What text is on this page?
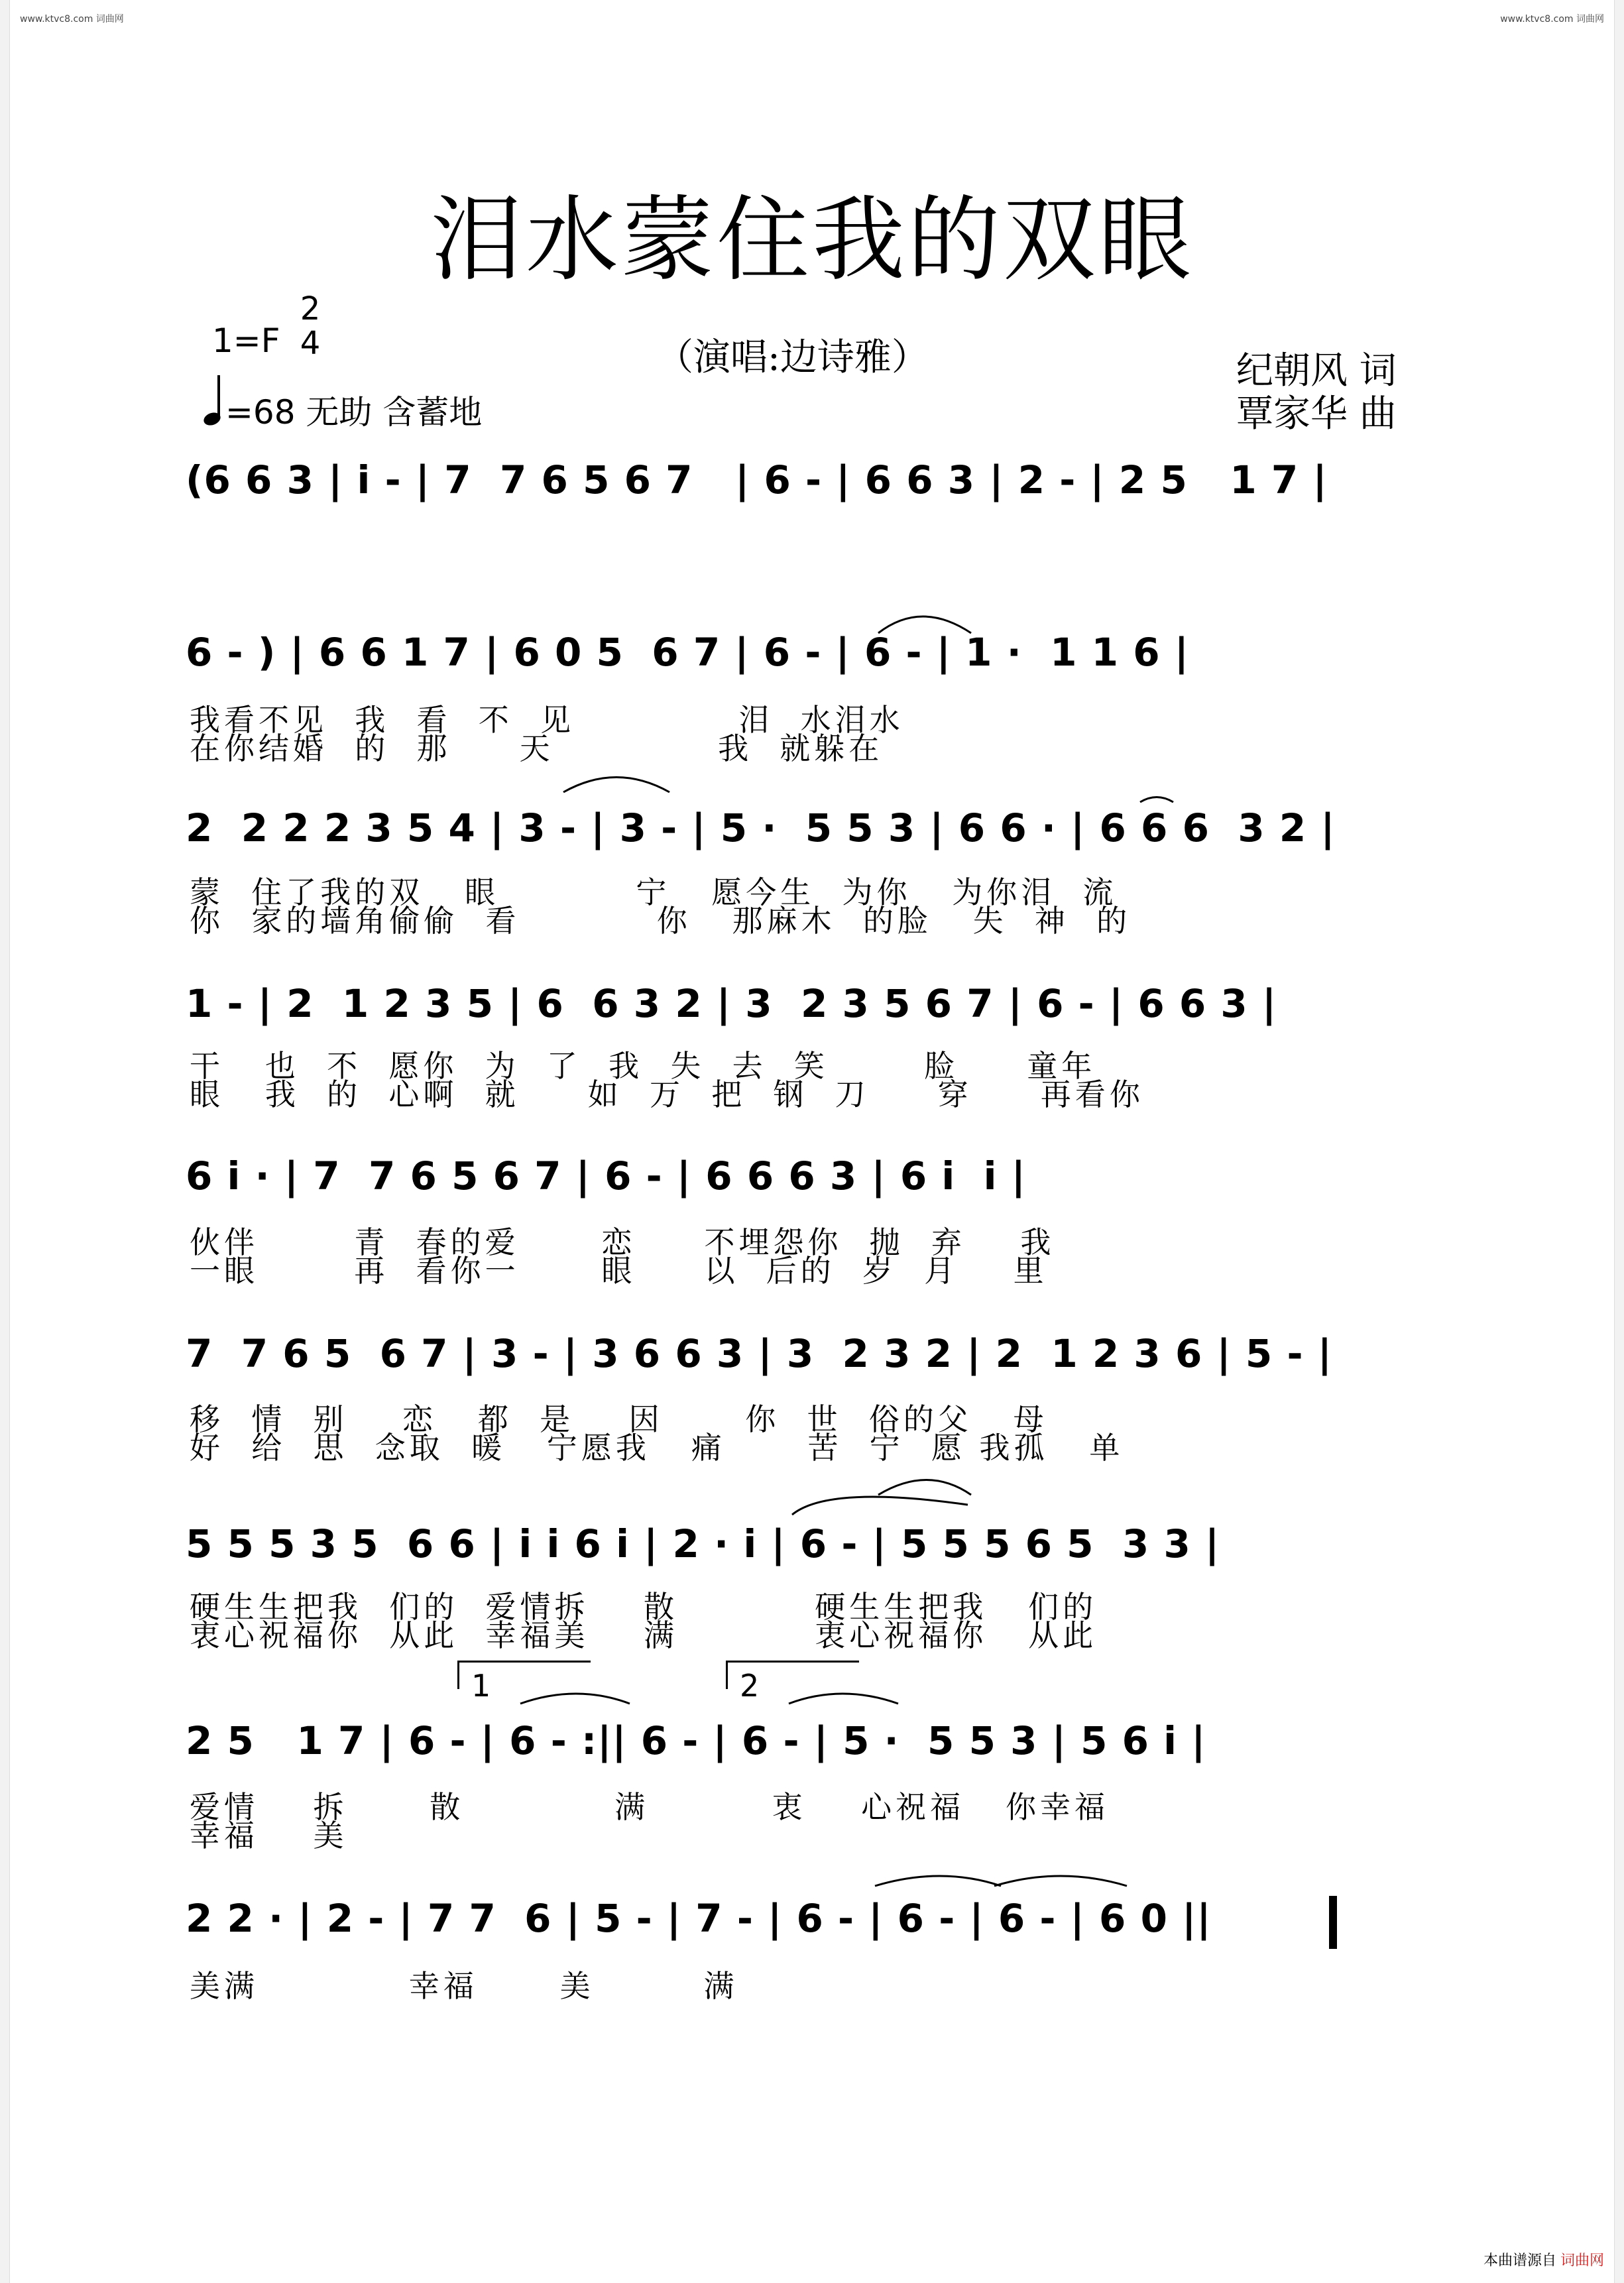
www.ktvc8.com 词曲网	www.ktvc8.com 词曲网
泪水蒙住我的双眼
1=F
2
4	（演唱:边诗雅）
=68 无助 含蓄地
纪朝风 词
覃家华 曲
(6 6 3 | i - | 7  7 6 5 6 7   | 6 - | 6 6 3 | 2 - | 2 5   1 7 |
6 - ) | 6 6 1 7 | 6 0 5  6 7 | 6 - | 6 - | 1 ·  1 1 6 |
我看不见  我  看  不  见            泪  水泪水
在你结婚  的  那     天            我  就躲在
2  2 2 2 3 5 4 | 3 - | 3 - | 5 ·  5 5 3 | 6 6 · | 6 6 6  3 2 |
蒙  住了我的双   眼          宁   愿今生  为你   为你泪  流
你  家的墙角偷偷  看          你   那麻木  的脸   失  神  的
1 - | 2  1 2 3 5 | 6  6 3 2 | 3  2 3 5 6 7 | 6 - | 6 6 3 |
干   也  不  愿你  为  了  我  失  去  笑       脸     童年
眼   我  的  心啊  就     如  万  把  钢  刀     穿     再看你
6 i · | 7  7 6 5 6 7 | 6 - | 6 6 6 3 | 6 i  i |
伙伴       青  春的爱      恋     不埋怨你  抛  弃    我
一眼       再  看你一      眼     以  后的  岁  月    里
7  7 6 5  6 7 | 3 - | 3 6 6 3 | 3  2 3 2 | 2  1 2 3 6 | 5 - |
移  情  别    恋   都  是    因      你  世  俗的父   母
好  给  思  念取  暖   宁愿我   痛      苦  宁  愿 我孤   单
5 5 5 3 5  6 6 | i i 6 i | 2 · i | 6 - | 5 5 5 6 5  3 3 |
硬生生把我  们的  爱情拆    散          硬生生把我   们的
衷心祝福你  从此  幸福美    满          衷心祝福你   从此
1	2
2 5   1 7 | 6 - | 6 - :|| 6 - | 6 - | 5 ·  5 5 3 | 5 6 i |
爱情    拆      散           满         衷    心祝福   你幸福
幸福    美
2 2 · | 2 - | 7 7  6 | 5 - | 7 - | 6 - | 6 - | 6 - | 6 0 ||
美满           幸福      美        满
本曲谱源自 词曲网
